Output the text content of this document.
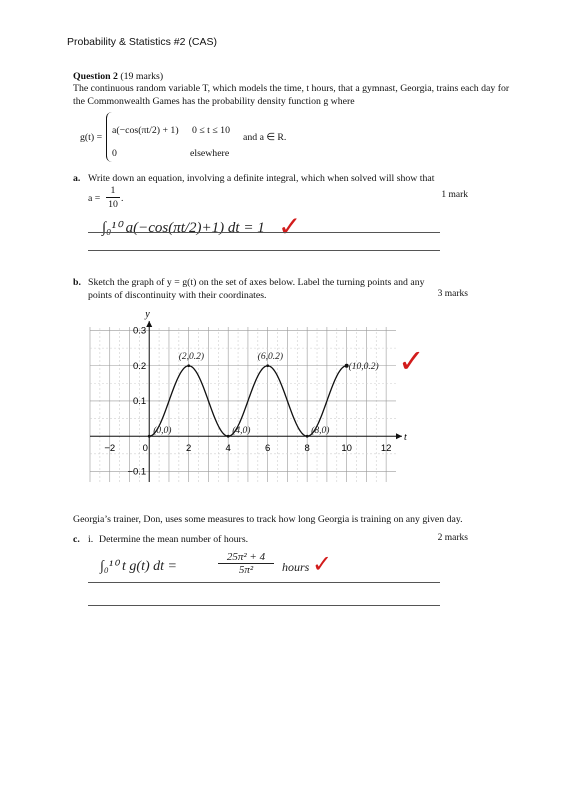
Probability & Statistics #2 (CAS)
Question 2 (19 marks)
The continuous random variable T, which models the time, t hours, that a gymnast, Georgia, trains each day for
the Commonwealth Games has the probability density function g where
g(t) =
a(−cos(πt/2) + 1) 0 ≤ t ≤ 10
0	elsewhere
and a ∈ R.
a. Write down an equation, involving a definite integral, which when solved will show that
$a = \frac{1}{10}$ .	1 mark
∫₀¹⁰ a(−cos(πt/2)+1) dt = 1 ✓
b. Sketch the graph of y = g(t) on the set of axes below. Label the turning points and any
points of discontinuity with their coordinates.	3 marks
✓
t
y
−2	0	2	4	6	8	10	12
0.3
0.2
0.1
−0.1
(0,0)
(2,0.2)
(4,0)
(6,0.2)
(8,0)
(10,0.2)
Georgia’s trainer, Don, uses some measures to track how long Georgia is training on any given day.
c. i. Determine the mean number of hours.	2 marks
∫₀¹⁰ t g(t) dt =	$\frac{\text{25π² + 4}}{\text{5π²}}$ hours ✓
